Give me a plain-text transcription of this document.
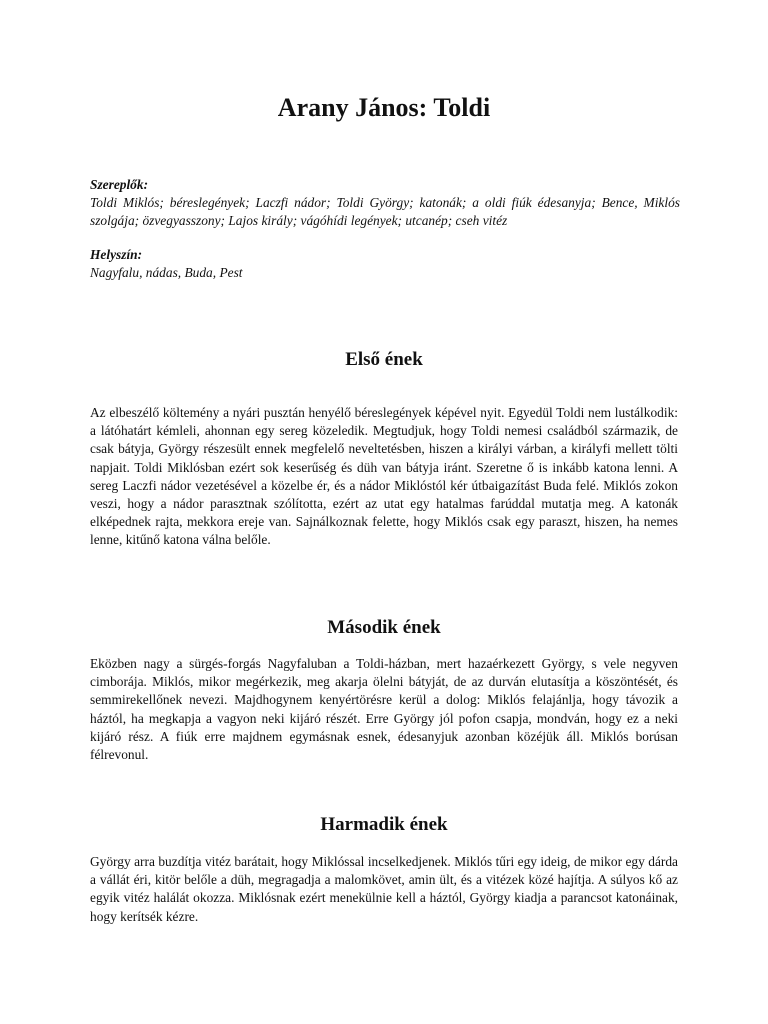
Arany János: Toldi
Szereplők:
Toldi Miklós; béreslegények; Laczfi nádor; Toldi György; katonák; a oldi fiúk édesanyja; Bence, Miklós szolgája; özvegyasszony; Lajos király; vágóhídi legények; utcanép; cseh vitéz
Helyszín:
Nagyfalu, nádas, Buda, Pest
Első ének

Az elbeszélő költemény a nyári pusztán henyélő béreslegények képével nyit. Egyedül Toldi nem lustálkodik: a látóhatárt kémleli, ahonnan egy sereg közeledik. Megtudjuk, hogy Toldi nemesi családból származik, de csak bátyja, György részesült ennek megfelelő neveltetésben, hiszen a királyi várban, a királyfi mellett tölti napjait. Toldi Miklósban ezért sok keserűség és düh van bátyja iránt. Szeretne ő is inkább katona lenni. A sereg Laczfi nádor vezetésével a közelbe ér, és a nádor Miklóstól kér útbaigazítást Buda felé. Miklós zokon veszi, hogy a nádor parasztnak szólította, ezért az utat egy hatalmas farúddal mutatja meg. A katonák elképednek rajta, mekkora ereje van. Sajnálkoznak felette, hogy Miklós csak egy paraszt, hiszen, ha nemes lenne, kitűnő katona válna belőle.

Második ének

Eközben nagy a sürgés-forgás Nagyfaluban a Toldi-házban, mert hazaérkezett György, s vele negyven cimborája. Miklós, mikor megérkezik, meg akarja ölelni bátyját, de az durván elutasítja a köszöntését, és semmirekellőnek nevezi. Majdhogynem kenyértörésre kerül a dolog: Miklós felajánlja, hogy távozik a háztól, ha megkapja a vagyon neki kijáró részét. Erre György jól pofon csapja, mondván, hogy ez a neki kijáró rész. A fiúk erre majdnem egymásnak esnek, édesanyjuk azonban közéjük áll. Miklós borúsan félrevonul.

Harmadik ének

György arra buzdítja vitéz barátait, hogy Miklóssal incselkedjenek. Miklós tűri egy ideig, de mikor egy dárda a vállát éri, kitör belőle a düh, megragadja a malomkövet, amin ült, és a vitézek közé hajítja. A súlyos kő az egyik vitéz halálát okozza. Miklósnak ezért menekülnie kell a háztól, György kiadja a parancsot katonáinak, hogy kerítsék kézre.
